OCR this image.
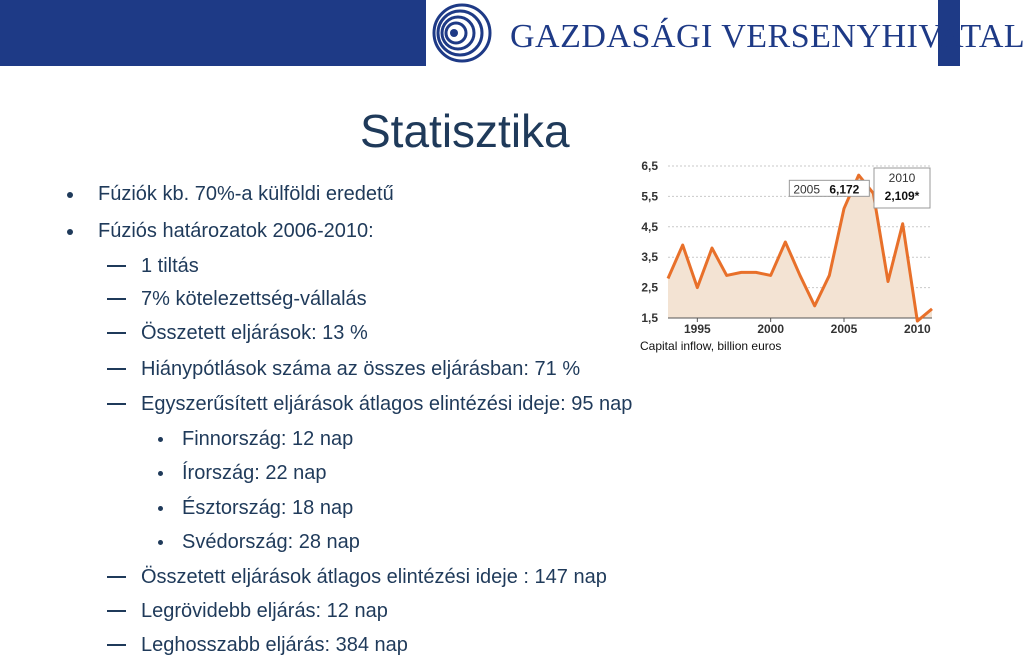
GAZDASÁGI VERSENYHIVATAL
Statisztika
Fúziók kb. 70%-a külföldi eredetű
Fúziós határozatok 2006-2010:
1 tiltás
7% kötelezettség-vállalás
Összetett eljárások: 13 %
Hiánypótlások száma az összes eljárásban: 71 %
Egyszerűsített eljárások átlagos elintézési ideje: 95 nap
Finnország: 12 nap
Írország: 22 nap
Észtország: 18 nap
Svédország: 28 nap
Összetett eljárások átlagos elintézési ideje : 147 nap
Legrövidebb eljárás: 12 nap
Leghosszabb eljárás: 384 nap
6,5
5,5
4,5
3,5
2,5
1,5
1995	2000	2005	2010
2005 6,172
2010
2,109*
Capital inflow, billion euros
